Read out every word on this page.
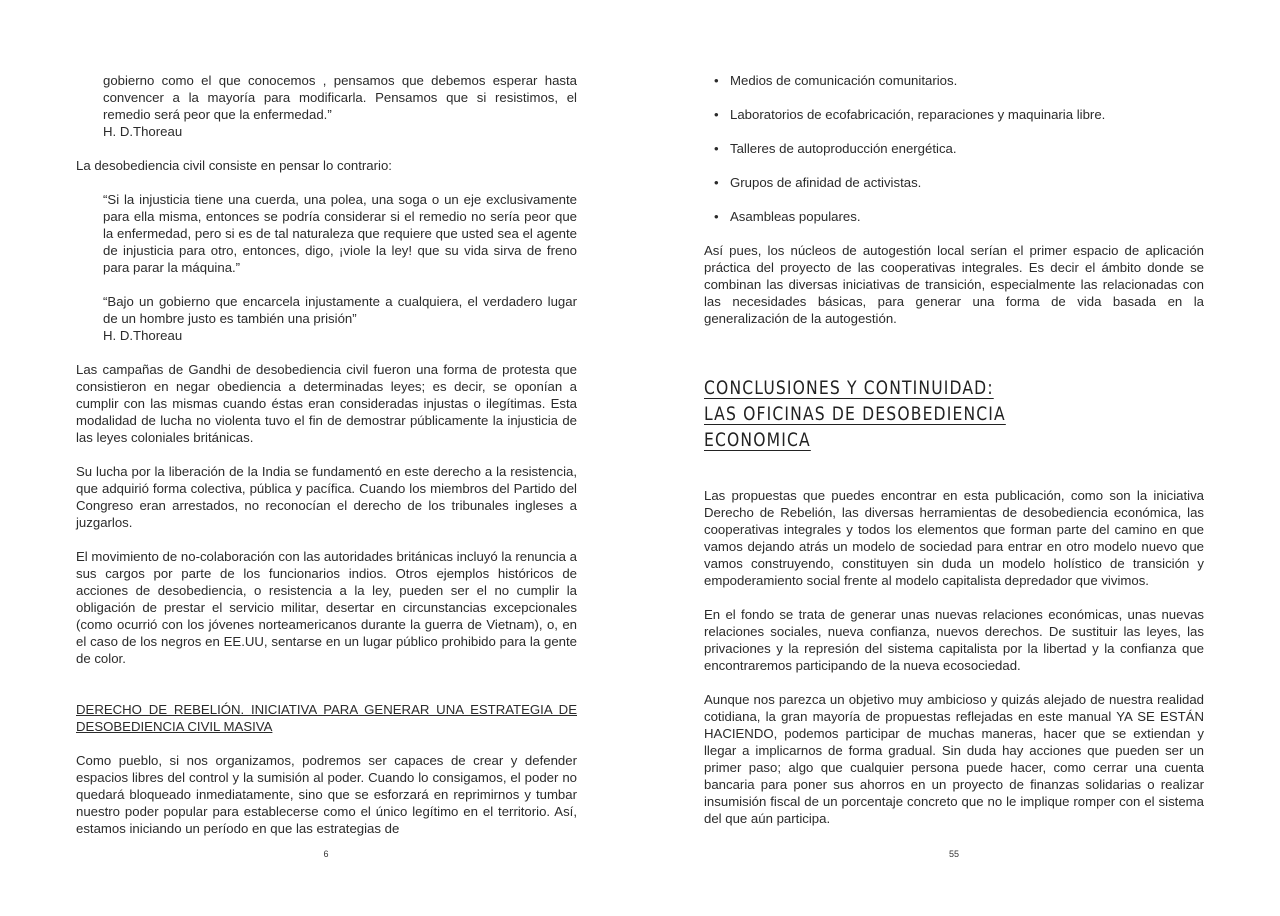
gobierno como el que conocemos , pensamos que debemos esperar hasta convencer a la mayoría para modificarla. Pensamos que si resistimos, el remedio será peor que la enfermedad.”

H. D.Thoreau

La desobediencia civil consiste en pensar lo contrario:

“Si la injusticia tiene una cuerda, una polea, una soga o un eje exclusivamente para ella misma, entonces se podría considerar si el remedio no sería peor que la enfermedad, pero si es de tal naturaleza que requiere que usted sea el agente de injusticia para otro, entonces, digo, ¡viole la ley! que su vida sirva de freno para parar la máquina.”

“Bajo un gobierno que encarcela injustamente a cualquiera, el verdadero lugar de un hombre justo es también una prisión”

H. D.Thoreau

Las campañas de Gandhi de desobediencia civil fueron una forma de protesta que consistieron en negar obediencia a determinadas leyes; es decir, se oponían a cumplir con las mismas cuando éstas eran consideradas injustas o ilegítimas. Esta modalidad de lucha no violenta tuvo el fin de demostrar públicamente la injusticia de las leyes coloniales británicas.

Su lucha por la liberación de la India se fundamentó en este derecho a la resistencia, que adquirió forma colectiva, pública y pacífica. Cuando los miembros del Partido del Congreso eran arrestados, no reconocían el derecho de los tribunales ingleses a juzgarlos.

El movimiento de no-colaboración con las autoridades británicas incluyó la renuncia a sus cargos por parte de los funcionarios indios. Otros ejemplos históricos de acciones de desobediencia, o resistencia a la ley, pueden ser el no cumplir la obligación de prestar el servicio militar, desertar en circunstancias excepcionales (como ocurrió con los jóvenes norteamericanos durante la guerra de Vietnam), o, en el caso de los negros en EE.UU, sentarse en un lugar público prohibido para la gente de color.

DERECHO DE REBELIÓN. INICIATIVA PARA GENERAR UNA ESTRATEGIA DE DESOBEDIENCIA CIVIL MASIVA

Como pueblo, si nos organizamos, podremos ser capaces de crear y defender espacios libres del control y la sumisión al poder. Cuando lo consigamos, el poder no quedará bloqueado inmediatamente, sino que se esforzará en reprimirnos y tumbar nuestro poder popular para establecerse como el único legítimo en el territorio. Así, estamos iniciando un período en que las estrategias de

6
• Medios de comunicación comunitarios.
• Laboratorios de ecofabricación, reparaciones y maquinaria libre.
• Talleres de autoproducción energética.
• Grupos de afinidad de activistas.
• Asambleas populares.

Así pues, los núcleos de autogestión local serían el primer espacio de aplicación práctica del proyecto de las cooperativas integrales. Es decir el ámbito donde se combinan las diversas iniciativas de transición, especialmente las relacionadas con las necesidades básicas, para generar una forma de vida basada en la generalización de la autogestión.

CONCLUSIONES Y CONTINUIDAD:
LAS OFICINAS DE DESOBEDIENCIA ECONOMICA

Las propuestas que puedes encontrar en esta publicación, como son la iniciativa Derecho de Rebelión, las diversas herramientas de desobediencia económica, las cooperativas integrales y todos los elementos que forman parte del camino en que vamos dejando atrás un modelo de sociedad para entrar en otro modelo nuevo que vamos construyendo, constituyen sin duda un modelo holístico de transición y empoderamiento social frente al modelo capitalista depredador que vivimos.

En el fondo se trata de generar unas nuevas relaciones económicas, unas nuevas relaciones sociales, nueva confianza, nuevos derechos. De sustituir las leyes, las privaciones y la represión del sistema capitalista por la libertad y la confianza que encontraremos participando de la nueva ecosociedad.

Aunque nos parezca un objetivo muy ambicioso y quizás alejado de nuestra realidad cotidiana, la gran mayoría de propuestas reflejadas en este manual YA SE ESTÁN HACIENDO, podemos participar de muchas maneras, hacer que se extiendan y llegar a implicarnos de forma gradual. Sin duda hay acciones que pueden ser un primer paso; algo que cualquier persona puede hacer, como cerrar una cuenta bancaria para poner sus ahorros en un proyecto de finanzas solidarias o realizar insumisión fiscal de un porcentaje concreto que no le implique romper con el sistema del que aún participa.

55
